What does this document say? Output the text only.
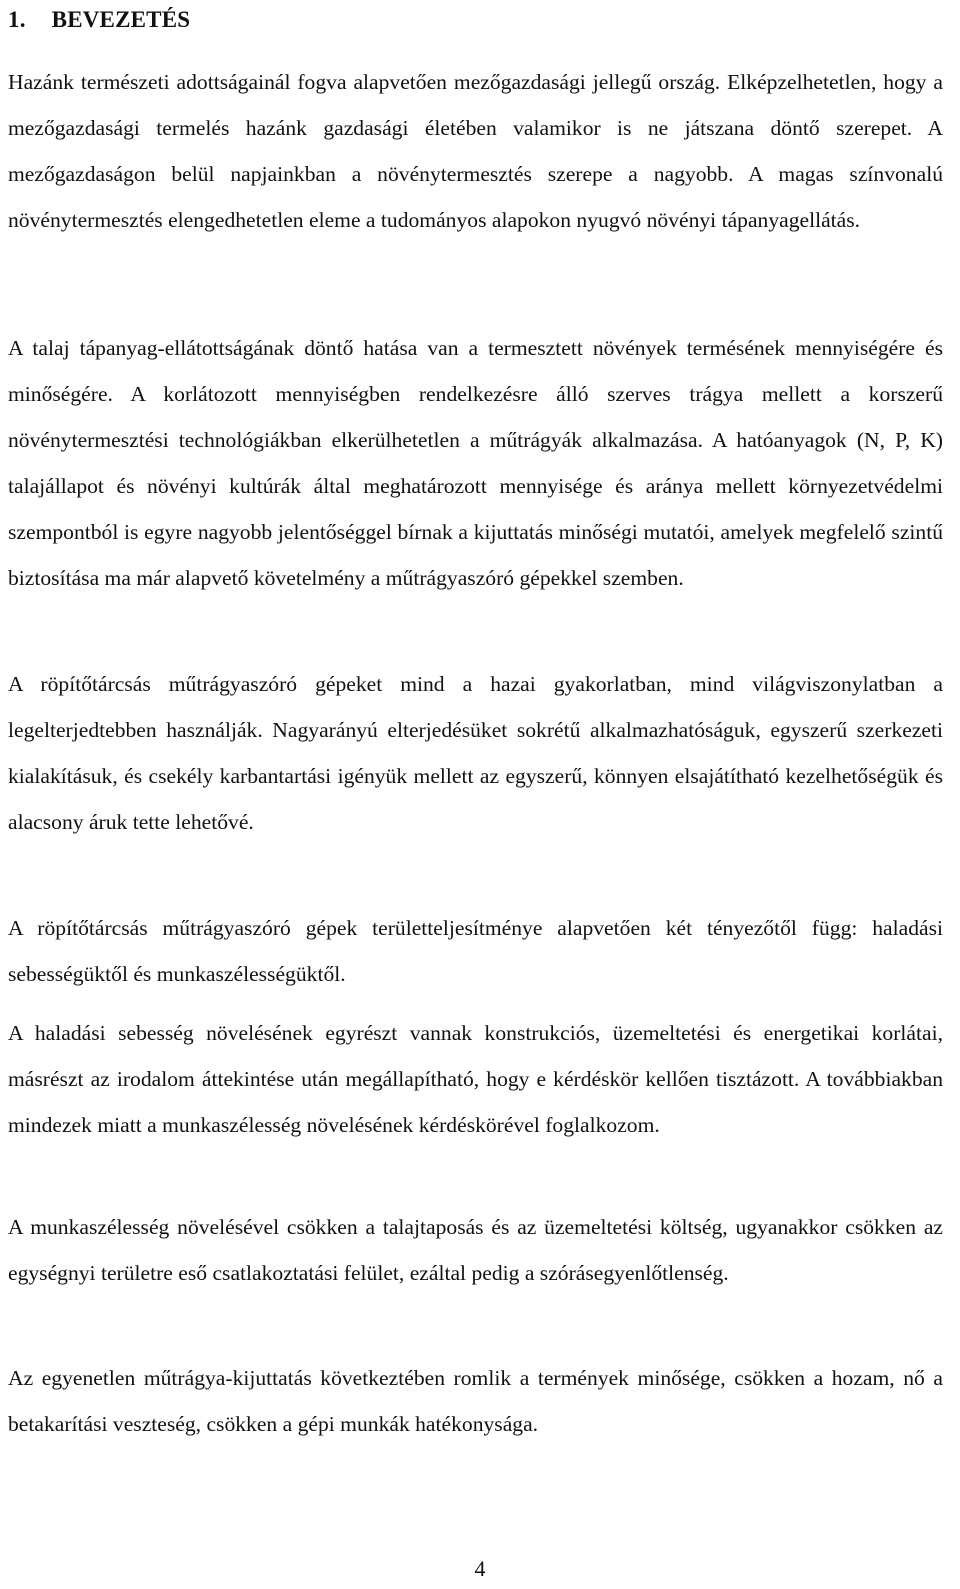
1. BEVEZETÉS

Hazánk természeti adottságainál fogva alapvetően mezőgazdasági jellegű ország. Elképzelhetetlen, hogy a mezőgazdasági termelés hazánk gazdasági életében valamikor is ne játszana döntő szerepet. A mezőgazdaságon belül napjainkban a növénytermesztés szerepe a nagyobb. A magas színvonalú növénytermesztés elengedhetetlen eleme a tudományos alapokon nyugvó növényi tápanyagellátás.

A talaj tápanyag-ellátottságának döntő hatása van a termesztett növények termésének mennyiségére és minőségére. A korlátozott mennyiségben rendelkezésre álló szerves trágya mellett a korszerű növénytermesztési technológiákban elkerülhetetlen a műtrágyák alkalmazása. A hatóanyagok (N, P, K) talajállapot és növényi kultúrák által meghatározott mennyisége és aránya mellett környezetvédelmi szempontból is egyre nagyobb jelentőséggel bírnak a kijuttatás minőségi mutatói, amelyek megfelelő szintű biztosítása ma már alapvető követelmény a műtrágyaszóró gépekkel szemben.

A röpítőtárcsás műtrágyaszóró gépeket mind a hazai gyakorlatban, mind világviszonylatban a legelterjedtebben használják. Nagyarányú elterjedésüket sokrétű alkalmazhatóságuk, egyszerű szerkezeti kialakításuk, és csekély karbantartási igényük mellett az egyszerű, könnyen elsajátítható kezelhetőségük és alacsony áruk tette lehetővé.

A röpítőtárcsás műtrágyaszóró gépek területteljesítménye alapvetően két tényezőtől függ: haladási sebességüktől és munkaszélességüktől.

A haladási sebesség növelésének egyrészt vannak konstrukciós, üzemeltetési és energetikai korlátai, másrészt az irodalom áttekintése után megállapítható, hogy e kérdéskör kellően tisztázott. A továbbiakban mindezek miatt a munkaszélesség növelésének kérdéskörével foglalkozom.

A munkaszélesség növelésével csökken a talajtaposás és az üzemeltetési költség, ugyanakkor csökken az egységnyi területre eső csatlakoztatási felület, ezáltal pedig a szórásegyenlőtlenség.

Az egyenetlen műtrágya-kijuttatás következtében romlik a termények minősége, csökken a hozam, nő a betakarítási veszteség, csökken a gépi munkák hatékonysága.

4
